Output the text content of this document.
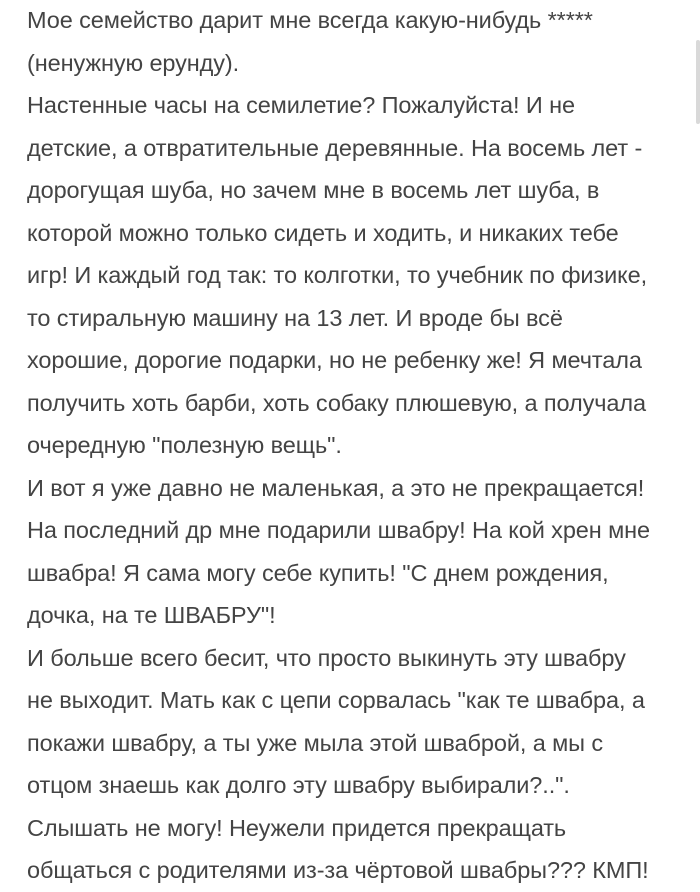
Мое семейство дарит мне всегда какую-нибудь *****
(ненужную ерунду).
Настенные часы на семилетие? Пожалуйста! И не
детские, а отвратительные деревянные. На восемь лет -
дорогущая шуба, но зачем мне в восемь лет шуба, в
которой можно только сидеть и ходить, и никаких тебе
игр! И каждый год так: то колготки, то учебник по физике,
то стиральную машину на 13 лет. И вроде бы всё
хорошие, дорогие подарки, но не ребенку же! Я мечтала
получить хоть барби, хоть собаку плюшевую, а получала
очередную "полезную вещь".
И вот я уже давно не маленькая, а это не прекращается!
На последний др мне подарили швабру! На кой хрен мне
швабра! Я сама могу себе купить! "С днем рождения,
дочка, на те ШВАБРУ"!
И больше всего бесит, что просто выкинуть эту швабру
не выходит. Мать как с цепи сорвалась "как те швабра, а
покажи швабру, а ты уже мыла этой шваброй, а мы с
отцом знаешь как долго эту швабру выбирали?..".
Слышать не могу! Неужели придется прекращать
общаться с родителями из-за чёртовой швабры??? КМП!
